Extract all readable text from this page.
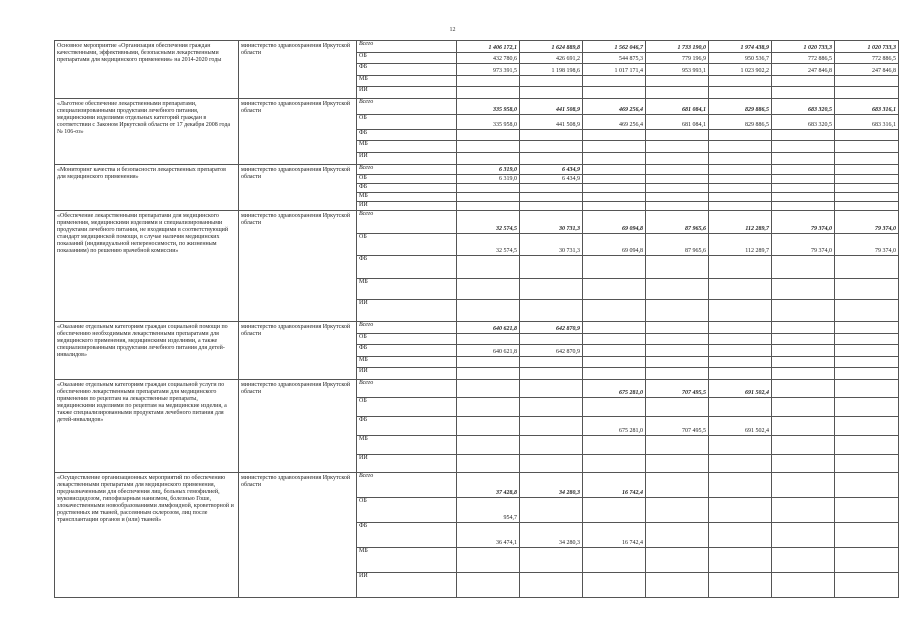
12
Основное мероприятие «Организация обеспечения граждан качественными, эффективными, безопасными лекарственными препаратами для медицинского применения» на 2014-2020 годы	министерство здравоохранения Иркутской области	Всего	1 406 172,1	1 624 889,8	1 562 046,7	1 733 190,0	1 974 438,9	1 020 733,3	1 020 733,3
		ОБ	432 780,6	426 691,2	544 875,3	779 196,9	950 536,7	772 886,5	772 886,5
		ФБ	973 391,5	1 198 198,6	1 017 171,4	953 993,1	1 023 902,2	247 846,8	247 846,8
		МБ							
		ИИ							
«Льготное обеспечение лекарственными препаратами, специализированными продуктами лечебного питания, медицинскими изделиями отдельных категорий граждан в соответствии с Законом Иркутской области от 17 декабря 2008 года № 106-оз»	министерство здравоохранения Иркутской области	Всего	335 958,0	441 508,9	469 256,4	681 084,1	829 886,5	683 320,5	683 316,1
		ОБ	335 958,0	441 508,9	469 256,4	681 084,1	829 886,5	683 320,5	683 316,1
		ФБ							
		МБ							
		ИИ							
«Мониторинг качества и безопасности лекарственных препаратов для медицинского применения»	министерство здравоохранения Иркутской области	Всего	6 319,0	6 434,9					
		ОБ	6 319,0	6 434,9					
		ФБ							
		МБ							
		ИИ							
«Обеспечение лекарственными препаратами для медицинского применения, медицинскими изделиями и специализированными продуктами лечебного питания, не входящими в соответствующий стандарт медицинской помощи, в случае наличия медицинских показаний (индивидуальной непереносимости, по жизненным показаниям) по решению врачебной комиссии»	министерство здравоохранения Иркутской области	Всего	32 574,5	30 731,3	69 094,8	87 965,6	112 289,7	79 374,0	79 374,0
		ОБ	32 574,5	30 731,3	69 094,8	87 965,6	112 289,7	79 374,0	79 374,0
		ФБ							
		МБ							
		ИИ							
«Оказание отдельным категориям граждан социальной помощи по обеспечению необходимыми лекарственными препаратами для медицинского применения, медицинскими изделиями, а также специализированными продуктами лечебного питания для детей-инвалидов»	министерство здравоохранения Иркутской области	Всего	640 621,8	642 870,9					
		ОБ							
		ФБ	640 621,8	642 870,9					
		МБ							
		ИИ							
«Оказание отдельным категориям граждан социальной услуги по обеспечению лекарственными препаратами для медицинского применения по рецептам на лекарственные препараты, медицинскими изделиями по рецептам на медицинские изделия, а также специализированными продуктами лечебного питания для детей-инвалидов»	министерство здравоохранения Иркутской области	Всего			675 281,0	707 495,5	691 502,4		
		ОБ							
		ФБ			675 281,0	707 495,5	691 502,4		
		МБ							
		ИИ							
«Осуществление организационных мероприятий по обеспечению лекарственными препаратами для медицинского применения, предназначенными для обеспечения лиц, больных гемофилией, муковисцидозом, гипофизарным нанизмом, болезнью Гоше, злокачественными новообразованиями лимфоидной, кроветворной и родственных им тканей, рассеянным склерозом, лиц после трансплантации органов и (или) тканей»	министерство здравоохранения Иркутской области	Всего	37 428,8	34 280,3	16 742,4				
		ОБ	954,7						
		ФБ	36 474,1	34 280,3	16 742,4				
		МБ							
		ИИ							
